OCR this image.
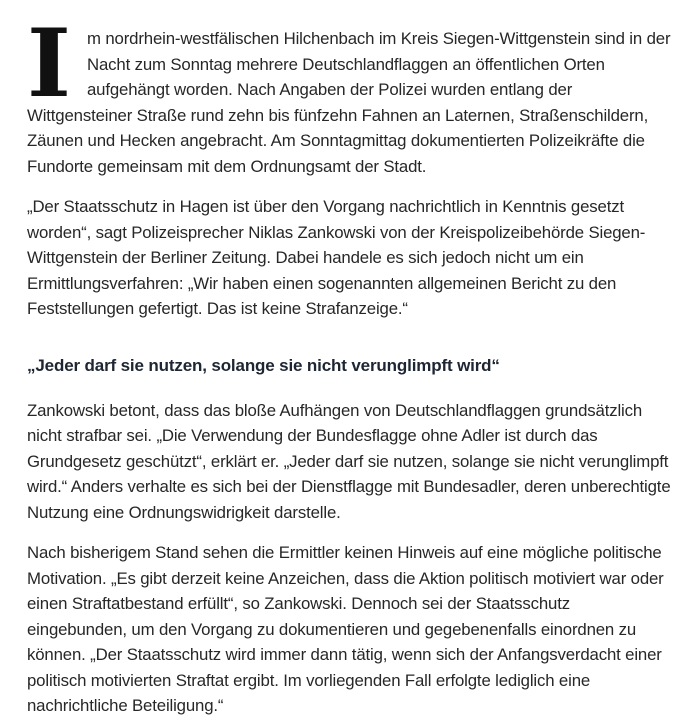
Im nordrhein-westfälischen Hilchenbach im Kreis Siegen-Wittgenstein sind in der Nacht zum Sonntag mehrere Deutschlandflaggen an öffentlichen Orten aufgehängt worden. Nach Angaben der Polizei wurden entlang der Wittgensteiner Straße rund zehn bis fünfzehn Fahnen an Laternen, Straßenschildern, Zäunen und Hecken angebracht. Am Sonntagmittag dokumentierten Polizeikräfte die Fundorte gemeinsam mit dem Ordnungsamt der Stadt.

„Der Staatsschutz in Hagen ist über den Vorgang nachrichtlich in Kenntnis gesetzt worden“, sagt Polizeisprecher Niklas Zankowski von der Kreispolizeibehörde Siegen-Wittgenstein der Berliner Zeitung. Dabei handele es sich jedoch nicht um ein Ermittlungsverfahren: „Wir haben einen sogenannten allgemeinen Bericht zu den Feststellungen gefertigt. Das ist keine Strafanzeige.“

„Jeder darf sie nutzen, solange sie nicht verunglimpft wird“

Zankowski betont, dass das bloße Aufhängen von Deutschlandflaggen grundsätzlich nicht strafbar sei. „Die Verwendung der Bundesflagge ohne Adler ist durch das Grundgesetz geschützt“, erklärt er. „Jeder darf sie nutzen, solange sie nicht verunglimpft wird.“ Anders verhalte es sich bei der Dienstflagge mit Bundesadler, deren unberechtigte Nutzung eine Ordnungswidrigkeit darstelle.

Nach bisherigem Stand sehen die Ermittler keinen Hinweis auf eine mögliche politische Motivation. „Es gibt derzeit keine Anzeichen, dass die Aktion politisch motiviert war oder einen Straftatbestand erfüllt“, so Zankowski. Dennoch sei der Staatsschutz eingebunden, um den Vorgang zu dokumentieren und gegebenenfalls einordnen zu können. „Der Staatsschutz wird immer dann tätig, wenn sich der Anfangsverdacht einer politisch motivierten Straftat ergibt. Im vorliegenden Fall erfolgte lediglich eine nachrichtliche Beteiligung.“
